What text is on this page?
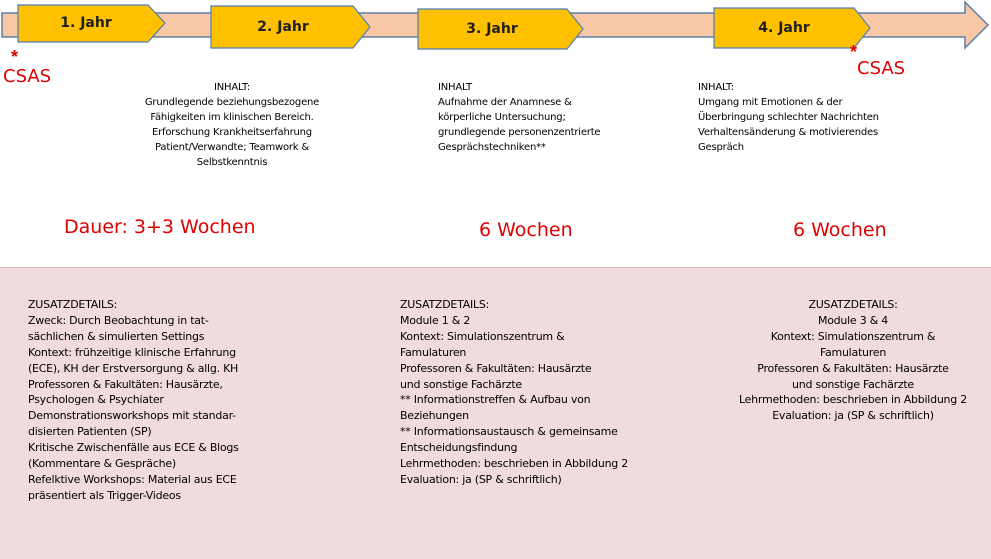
1. Jahr	2. Jahr	3. Jahr	4. Jahr
*
CSAS
*
CSAS
INHALT:
Grundlegende beziehungsbezogene
Fähigkeiten im klinischen Bereich.
Erforschung Krankheitserfahrung
Patient/Verwandte; Teamwork &
Selbstkenntnis
INHALT
Aufnahme der Anamnese &
körperliche Untersuchung;
grundlegende personenzentrierte
Gesprächstechniken**
INHALT:
Umgang mit Emotionen & der
Überbringung schlechter Nachrichten
Verhaltensänderung & motivierendes
Gespräch
Dauer: 3+3 Wochen	6 Wochen	6 Wochen
ZUSATZDETAILS:
Zweck: Durch Beobachtung in tat-
sächlichen & simulierten Settings
Kontext: frühzeitige klinische Erfahrung
(ECE), KH der Erstversorgung & allg. KH
Professoren & Fakultäten: Hausärzte,
Psychologen & Psychiater
Demonstrationsworkshops mit standar-
disierten Patienten (SP)
Kritische Zwischenfälle aus ECE & Blogs
(Kommentare & Gespräche)
Refelktive Workshops: Material aus ECE
präsentiert als Trigger-Videos
ZUSATZDETAILS:
Module 1 & 2
Kontext: Simulationszentrum &
Famulaturen
Professoren & Fakultäten: Hausärzte
und sonstige Fachärzte
** Informationstreffen & Aufbau von
Beziehungen
** Informationsaustausch & gemeinsame
Entscheidungsfindung
Lehrmethoden: beschrieben in Abbildung 2
Evaluation: ja (SP & schriftlich)
ZUSATZDETAILS:
Module 3 & 4
Kontext: Simulationszentrum &
Famulaturen
Professoren & Fakultäten: Hausärzte
und sonstige Fachärzte
Lehrmethoden: beschrieben in Abbildung 2
Evaluation: ja (SP & schriftlich)
